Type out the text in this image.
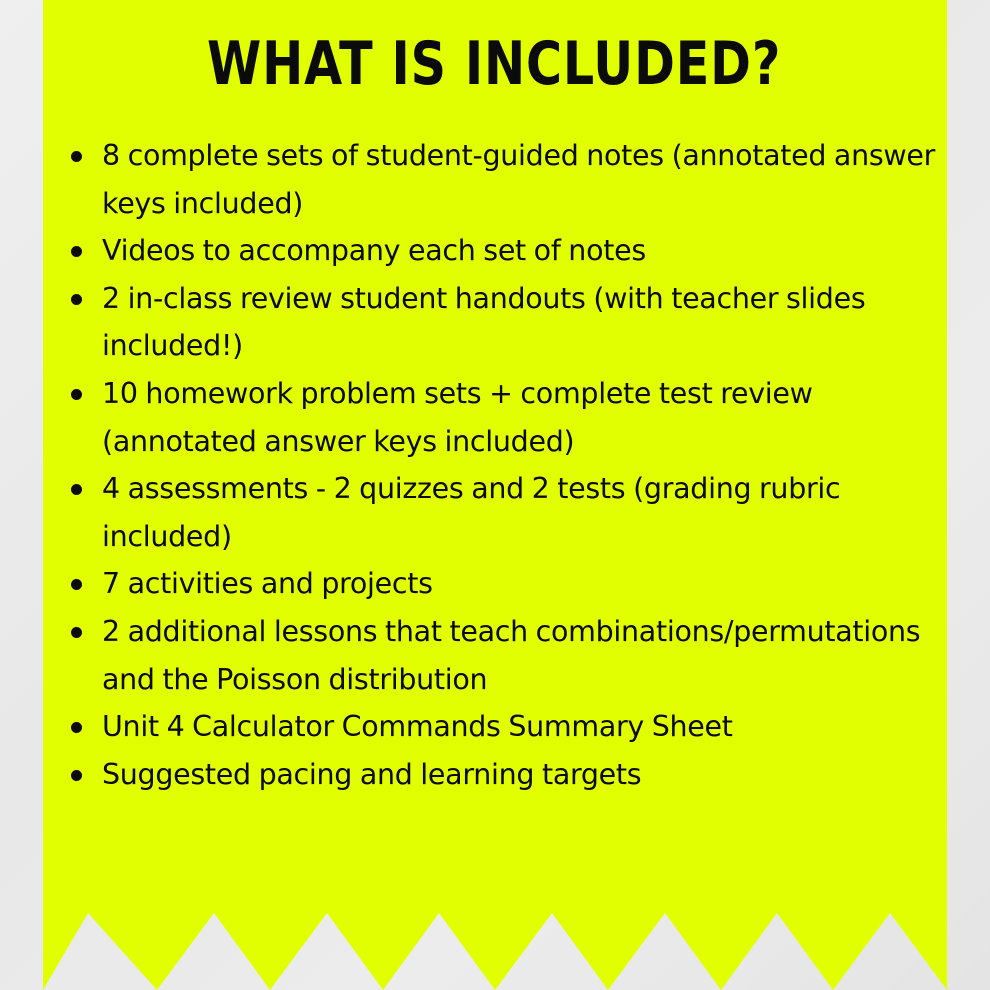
WHAT IS INCLUDED?
8 complete sets of student-guided notes (annotated answer keys included)
Videos to accompany each set of notes
2 in-class review student handouts (with teacher slides included!)
10 homework problem sets + complete test review (annotated answer keys included)
4 assessments - 2 quizzes and 2 tests (grading rubric included)
7 activities and projects
2 additional lessons that teach combinations/permutations and the Poisson distribution
Unit 4 Calculator Commands Summary Sheet
Suggested pacing and learning targets
